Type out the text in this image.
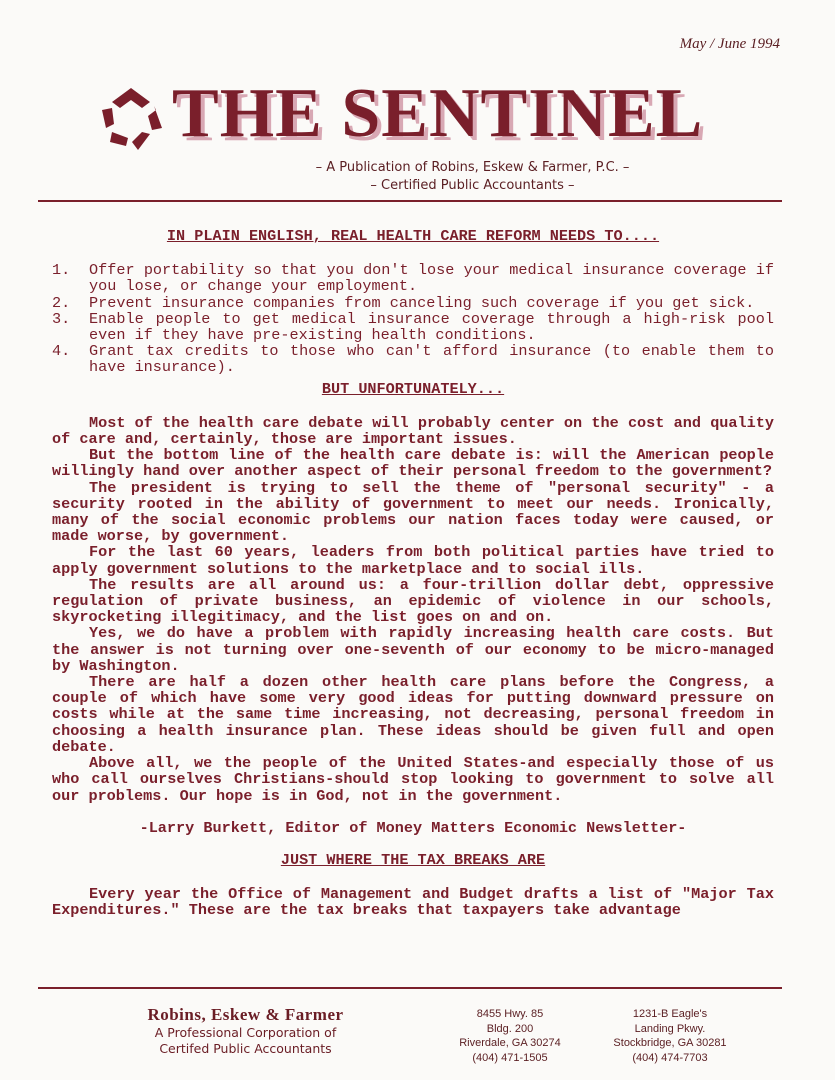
May / June 1994
THE SENTINEL
– A Publication of Robins, Eskew & Farmer, P.C. –
– Certified Public Accountants –
IN PLAIN ENGLISH, REAL HEALTH CARE REFORM NEEDS TO....
1. Offer portability so that you don't lose your medical insurance coverage if you lose, or change your employment.
2. Prevent insurance companies from canceling such coverage if you get sick.
3. Enable people to get medical insurance coverage through a high-risk pool even if they have pre-existing health conditions.
4. Grant tax credits to those who can't afford insurance (to enable them to have insurance).
BUT UNFORTUNATELY...

Most of the health care debate will probably center on the cost and quality of care and, certainly, those are important issues.

But the bottom line of the health care debate is: will the American people willingly hand over another aspect of their personal freedom to the government?

The president is trying to sell the theme of "personal security" - a security rooted in the ability of government to meet our needs. Ironically, many of the social economic problems our nation faces today were caused, or made worse, by government.

For the last 60 years, leaders from both political parties have tried to apply government solutions to the marketplace and to social ills.

The results are all around us: a four-trillion dollar debt, oppressive regulation of private business, an epidemic of violence in our schools, skyrocketing illegitimacy, and the list goes on and on.

Yes, we do have a problem with rapidly increasing health care costs. But the answer is not turning over one-seventh of our economy to be micro-managed by Washington.

There are half a dozen other health care plans before the Congress, a couple of which have some very good ideas for putting downward pressure on costs while at the same time increasing, not decreasing, personal freedom in choosing a health insurance plan. These ideas should be given full and open debate.

Above all, we the people of the United States-and especially those of us who call ourselves Christians-should stop looking to government to solve all our problems. Our hope is in God, not in the government.

-Larry Burkett, Editor of Money Matters Economic Newsletter-
JUST WHERE THE TAX BREAKS ARE

Every year the Office of Management and Budget drafts a list of "Major Tax Expenditures." These are the tax breaks that taxpayers take advantage

Robins, Eskew & Farmer
A Professional Corporation of
Certifed Public Accountants
8455 Hwy. 85
Bldg. 200
Riverdale, GA 30274
(404) 471-1505
1231-B Eagle's
Landing Pkwy.
Stockbridge, GA 30281
(404) 474-7703
